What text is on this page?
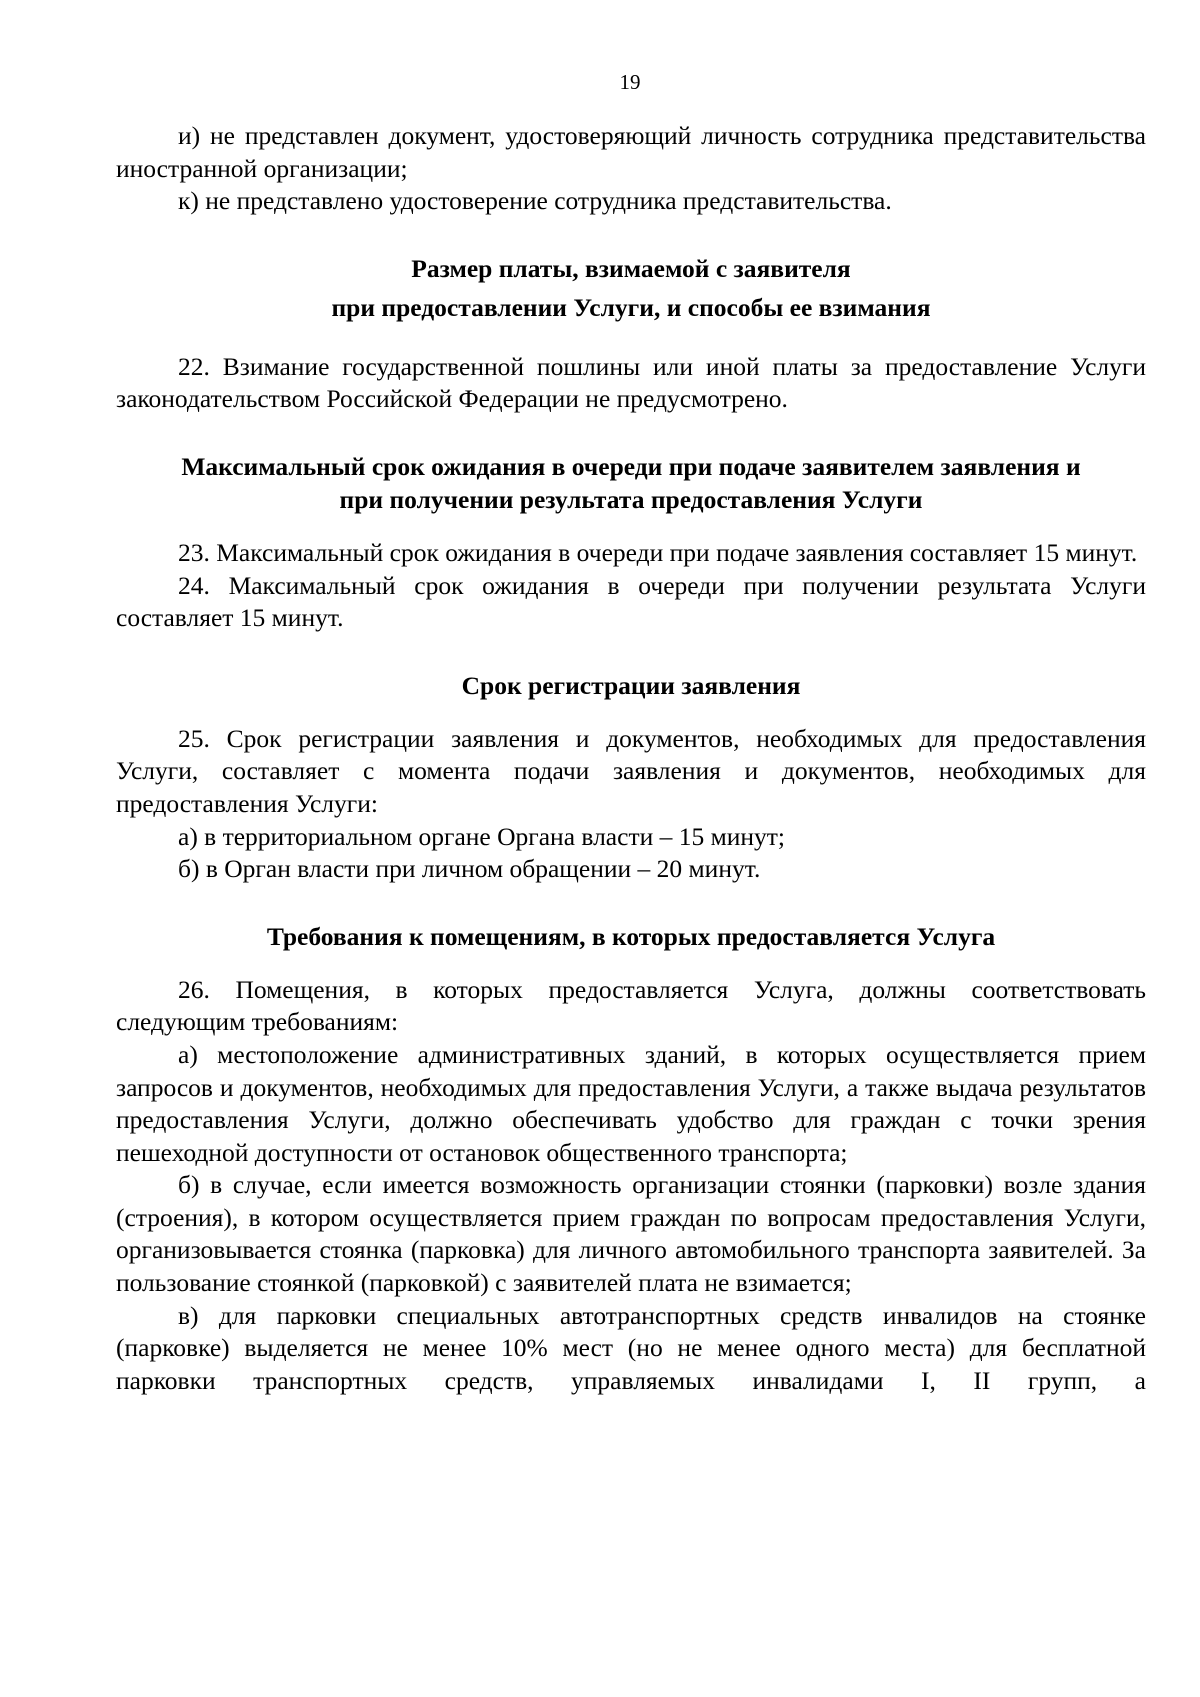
19

и) не представлен документ, удостоверяющий личность сотрудника представительства иностранной организации;

к) не представлено удостоверение сотрудника представительства.

Размер платы, взимаемой с заявителя
при предоставлении Услуги, и способы ее взимания

22. Взимание государственной пошлины или иной платы за предоставление Услуги законодательством Российской Федерации не предусмотрено.

Максимальный срок ожидания в очереди при подаче заявителем заявления и
при получении результата предоставления Услуги

23. Максимальный срок ожидания в очереди при подаче заявления составляет 15 минут.

24. Максимальный срок ожидания в очереди при получении результата Услуги составляет 15 минут.

Срок регистрации заявления

25. Срок регистрации заявления и документов, необходимых для предоставления Услуги, составляет с момента подачи заявления и документов, необходимых для предоставления Услуги:

а) в территориальном органе Органа власти – 15 минут;

б) в Орган власти при личном обращении – 20 минут.

Требования к помещениям, в которых предоставляется Услуга

26. Помещения, в которых предоставляется Услуга, должны соответствовать следующим требованиям:

а) местоположение административных зданий, в которых осуществляется прием запросов и документов, необходимых для предоставления Услуги, а также выдача результатов предоставления Услуги, должно обеспечивать удобство для граждан с точки зрения пешеходной доступности от остановок общественного транспорта;

б) в случае, если имеется возможность организации стоянки (парковки) возле здания (строения), в котором осуществляется прием граждан по вопросам предоставления Услуги, организовывается стоянка (парковка) для личного автомобильного транспорта заявителей. За пользование стоянкой (парковкой) с заявителей плата не взимается;

в) для парковки специальных автотранспортных средств инвалидов на стоянке (парковке) выделяется не менее 10% мест (но не менее одного места) для бесплатной парковки транспортных средств, управляемых инвалидами I, II групп, а
